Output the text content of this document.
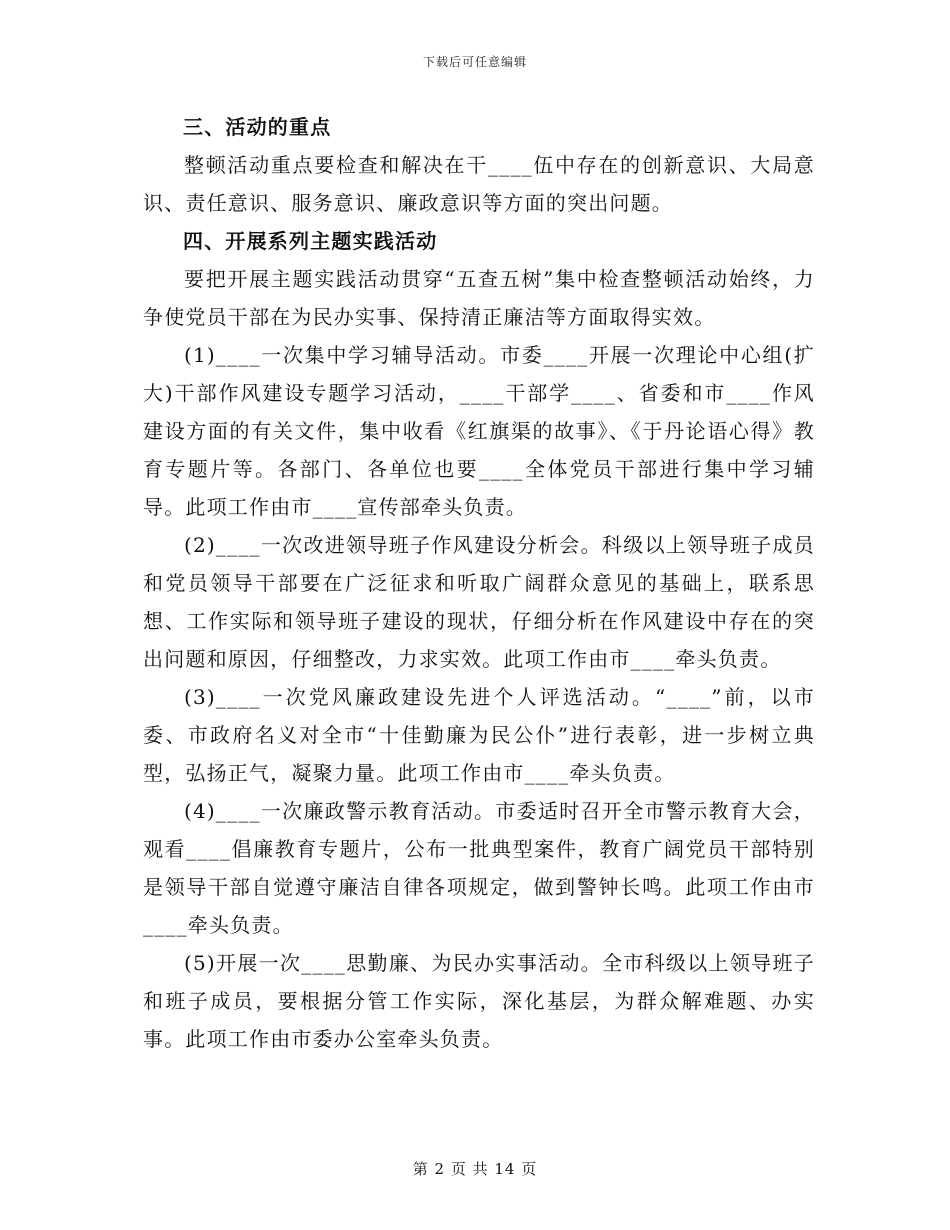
下载后可任意编辑

三、活动的重点

整顿活动重点要检查和解决在干____伍中存在的创新意识、大局意识、责任意识、服务意识、廉政意识等方面的突出问题。

四、开展系列主题实践活动

要把开展主题实践活动贯穿“五查五树”集中检查整顿活动始终，力争使党员干部在为民办实事、保持清正廉洁等方面取得实效。

(1)____一次集中学习辅导活动。市委____开展一次理论中心组(扩大)干部作风建设专题学习活动，____干部学____、省委和市____作风建设方面的有关文件，集中收看《红旗渠的故事》、《于丹论语心得》教育专题片等。各部门、各单位也要____全体党员干部进行集中学习辅导。此项工作由市____宣传部牵头负责。

(2)____一次改进领导班子作风建设分析会。科级以上领导班子成员和党员领导干部要在广泛征求和听取广阔群众意见的基础上，联系思想、工作实际和领导班子建设的现状，仔细分析在作风建设中存在的突出问题和原因，仔细整改，力求实效。此项工作由市____牵头负责。

(3)____一次党风廉政建设先进个人评选活动。“____”前，以市委、市政府名义对全市“十佳勤廉为民公仆”进行表彰，进一步树立典型，弘扬正气，凝聚力量。此项工作由市____牵头负责。

(4)____一次廉政警示教育活动。市委适时召开全市警示教育大会，观看____倡廉教育专题片，公布一批典型案件，教育广阔党员干部特别是领导干部自觉遵守廉洁自律各项规定，做到警钟长鸣。此项工作由市____牵头负责。

(5)开展一次____思勤廉、为民办实事活动。全市科级以上领导班子和班子成员，要根据分管工作实际，深化基层，为群众解难题、办实事。此项工作由市委办公室牵头负责。

第 2 页 共 14 页
